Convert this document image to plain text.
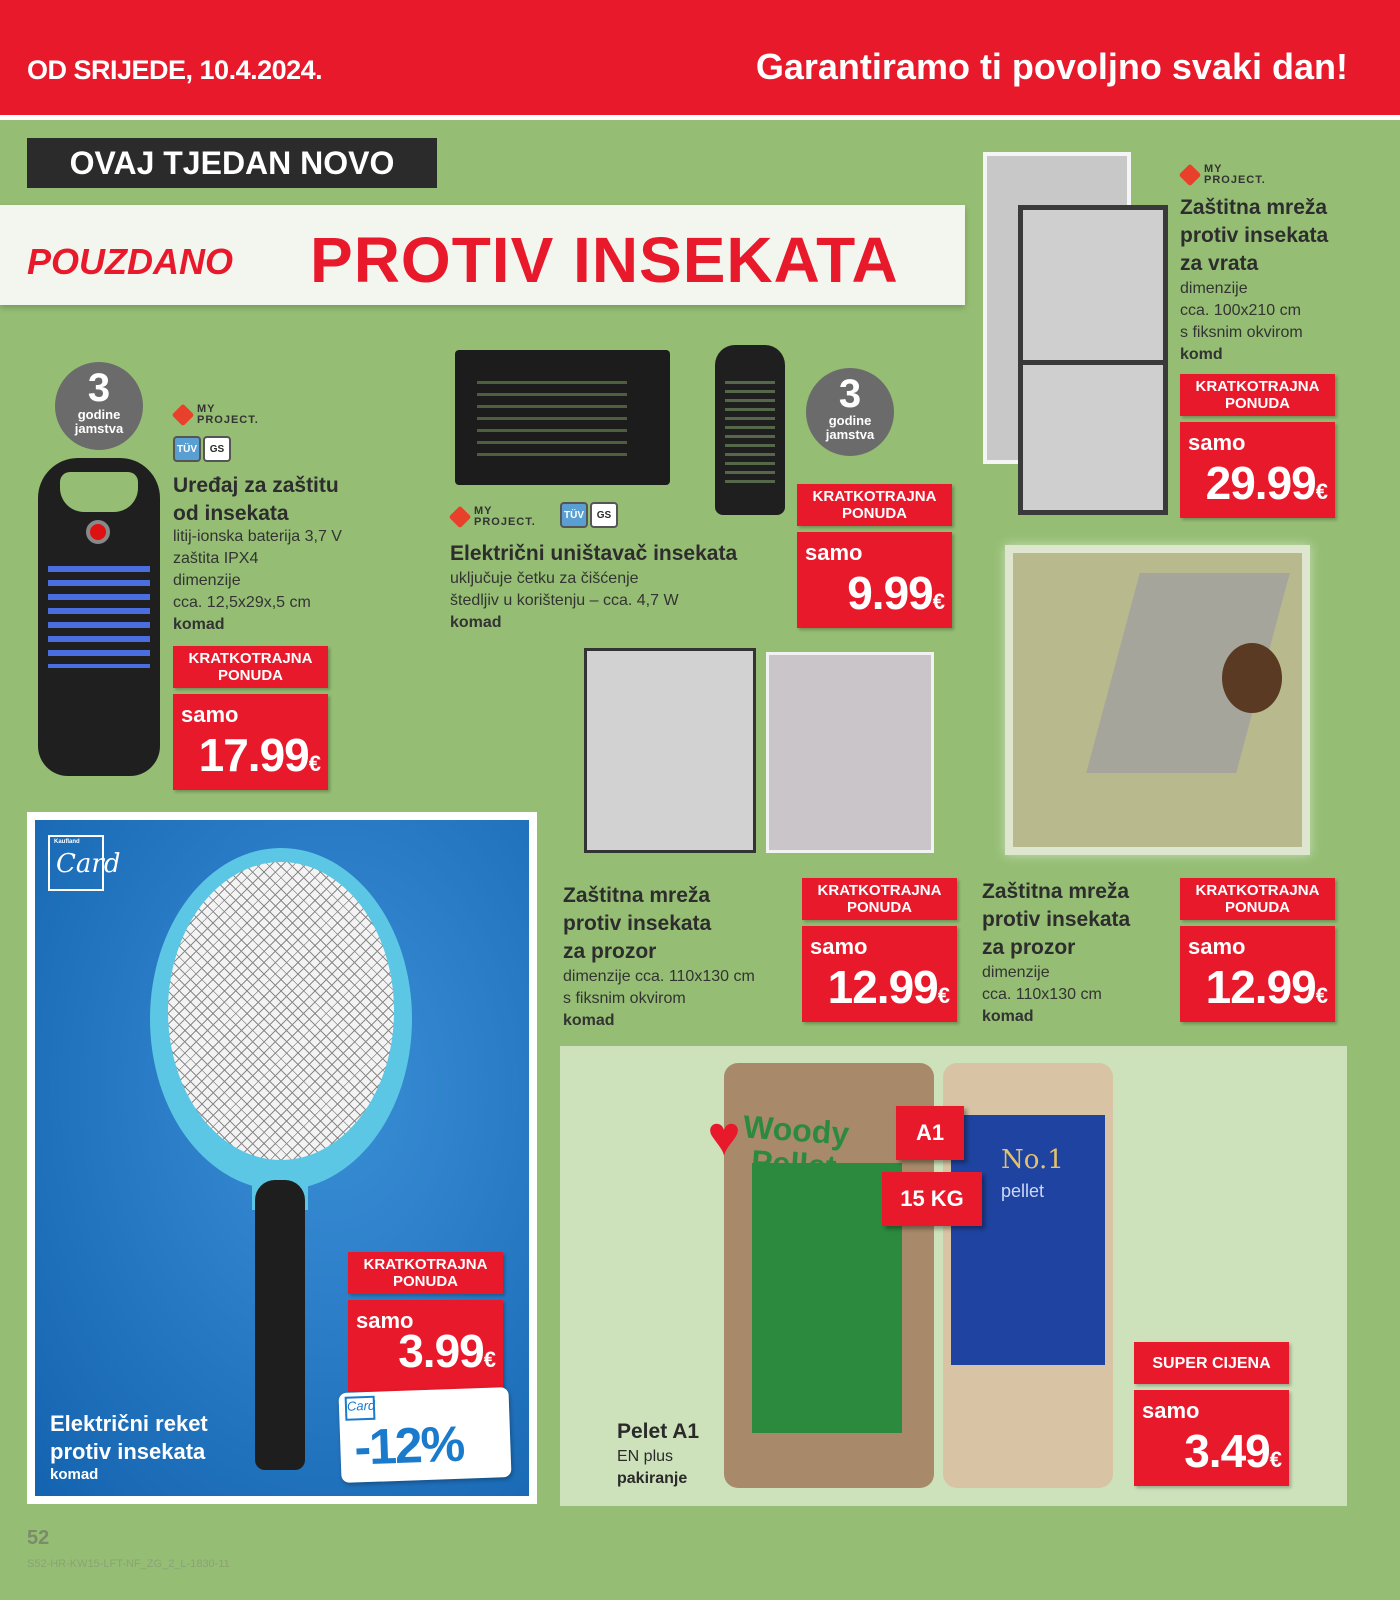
OD SRIJEDE, 10.4.2024.	Garantiramo ti povoljno svaki dan!
OVAJ TJEDAN NOVO
POUZDANO PROTIV INSEKATA
3
godine
jamstva
MY
PROJECT.
TÜV	GS
Uređaj za zaštitu
od insekata
litij-ionska baterija 3,7 V
zaštita IPX4
dimenzije
cca. 12,5x29x,5 cm
komad
KRATKOTRAJNA
PONUDA
samo
17.99€
3
godine
jamstva
MY
PROJECT.
TÜV	GS
Električni uništavač insekata
uključuje četku za čišćenje
štedljiv u korištenju – cca. 4,7 W
komad
KRATKOTRAJNA
PONUDA
samo
9.99€
MY
PROJECT.
Zaštitna mreža
protiv insekata
za vrata
dimenzije
cca. 100x210 cm
s fiksnim okvirom
komd
KRATKOTRAJNA
PONUDA
samo
29.99€
Zaštitna mreža
protiv insekata
za prozor
dimenzije cca. 110x130 cm
s fiksnim okvirom
komad
KRATKOTRAJNA
PONUDA
samo
12.99€
Zaštitna mreža
protiv insekata
za prozor
dimenzije
cca. 110x130 cm
komad
KRATKOTRAJNA
PONUDA
samo
12.99€
Kaufland
Card
Električni reket
protiv insekata
komad
KRATKOTRAJNA
PONUDA
samo
3.99€
Card
-12%
Woody
Pellet	No.1
pellet
♥	A1
15 KG
Pelet A1
EN plus
pakiranje
SUPER CIJENA
samo
3.49€
52
S52-HR-KW15-LFT-NF_ZG_2_L-1830-11
